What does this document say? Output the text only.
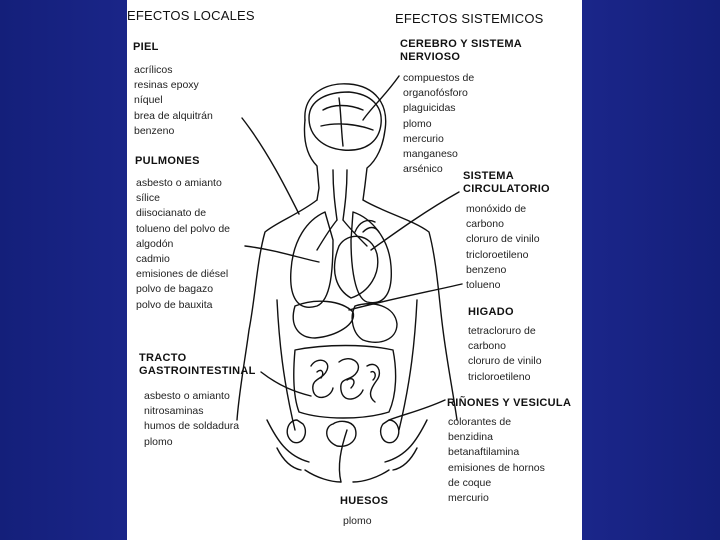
EFECTOS LOCALES	EFECTOS SISTEMICOS
PIEL
acrílicos
resinas epoxy
níquel
brea de alquitrán
benzeno
PULMONES
asbesto o amianto
sílice
diisocianato de
tolueno del polvo de
algodón
cadmio
emisiones de diésel
polvo de bagazo
polvo de bauxita
TRACTO
GASTROINTESTINAL
asbesto o amianto
nitrosaminas
humos de soldadura
plomo
HUESOS
plomo
CEREBRO Y SISTEMA
NERVIOSO
compuestos de
organofósforo
plaguicidas
plomo
mercurio
manganeso
arsénico
SISTEMA
CIRCULATORIO
monóxido de
carbono
cloruro de vinilo
tricloroetileno
benzeno
tolueno
HIGADO
tetracloruro de
carbono
cloruro de vinilo
tricloroetileno
RIÑONES Y VESICULA
colorantes de
benzidina
betanaftilamina
emisiones de hornos
de coque
mercurio
